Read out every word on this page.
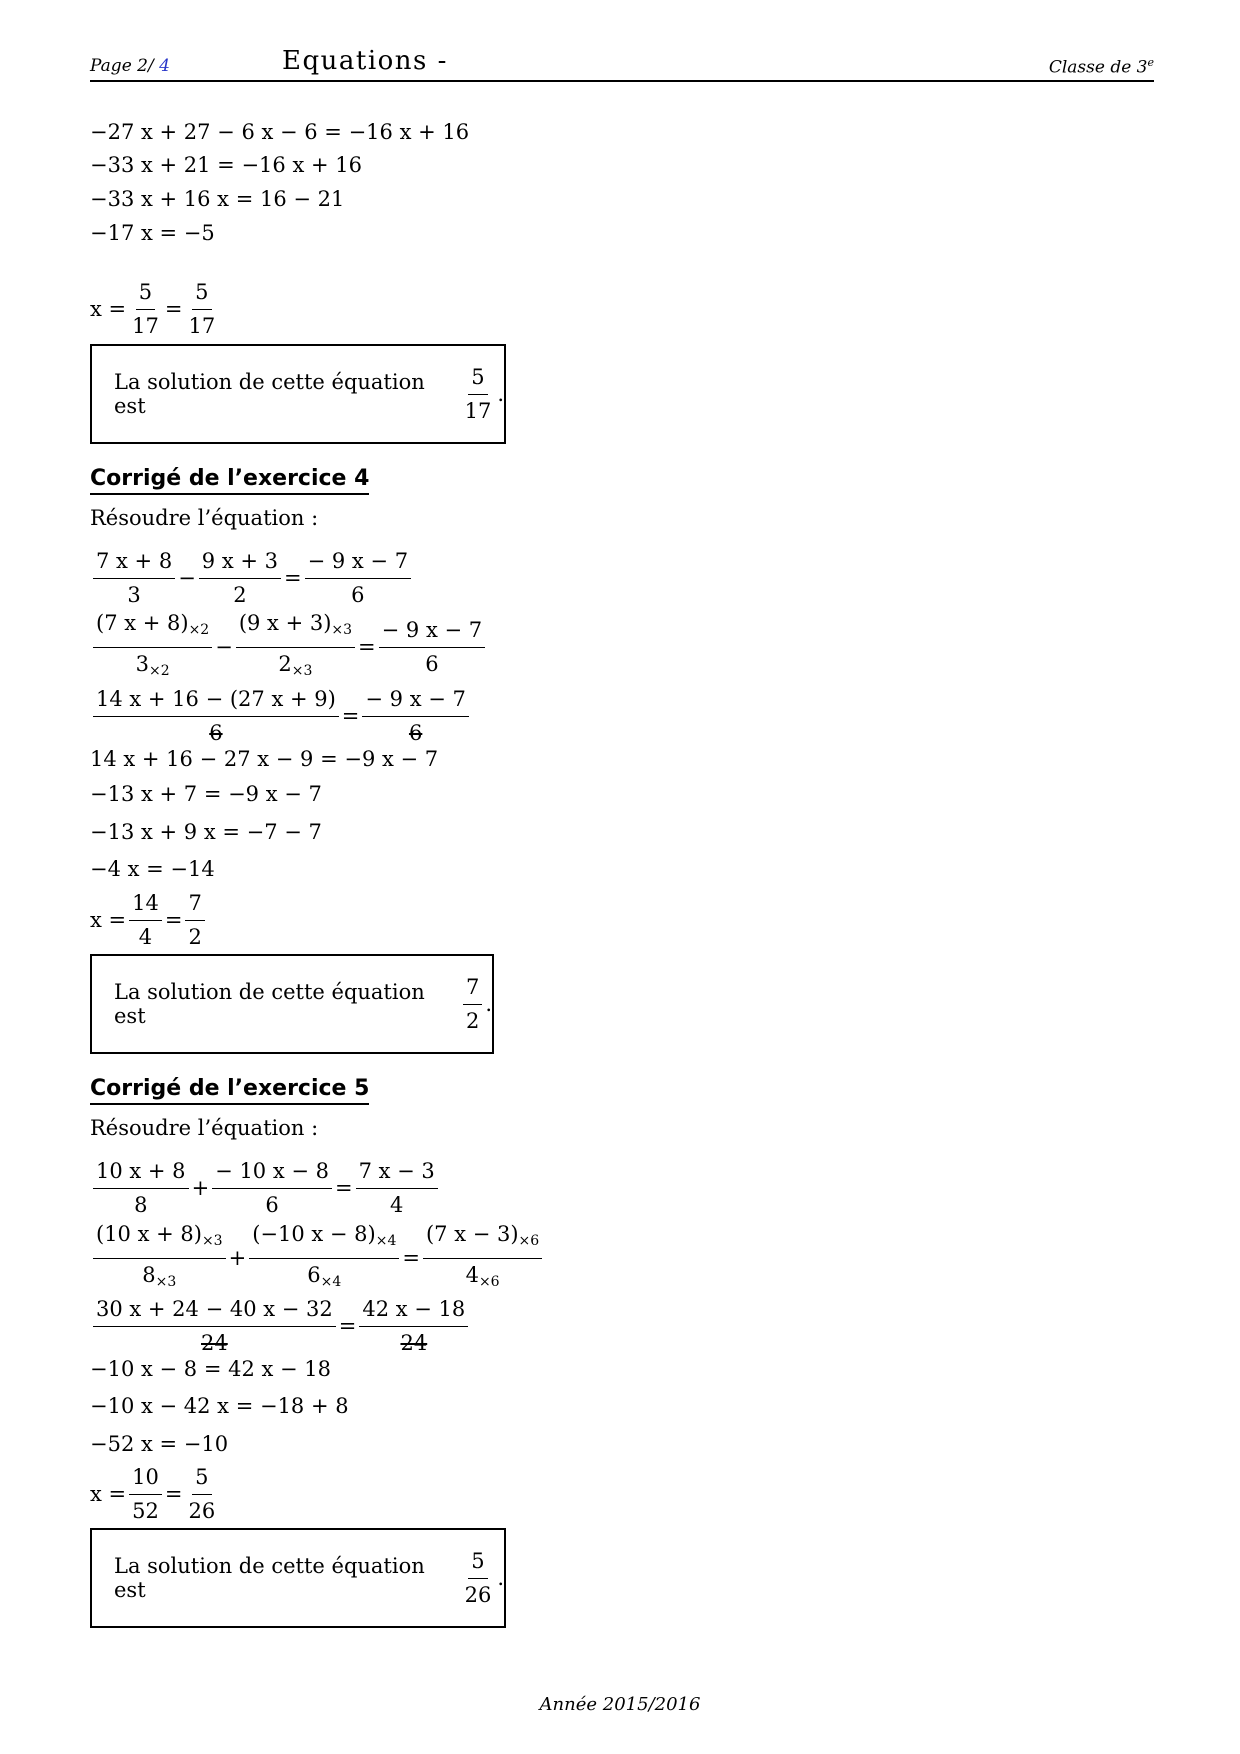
Page 2/ 4	Equations -	Classe de $3^e$
−27 x + 27 − 6 x − 6 = −16 x + 16
−33 x + 21 = −16 x + 16
−33 x + 16 x = 16 − 21
−17 x = −5
$x = \frac{5}{17} = \frac{5}{17}$
La solution de cette équation est
	$\frac{5}{17}$ .
Corrigé de l’exercice 4
Résoudre l’équation :
$\frac{7 x + 8}{3} - \frac{9 x + 3}{2} = \frac{- 9 x - 7}{6}$
$\frac{(7 x + 8)_{\times 2}}{3_{\times 2}} - \frac{(9 x + 3)_{\times 3}}{2_{\times 3}} = \frac{- 9 x - 7}{6}$
$\frac{14 x + 16 - (27 x + 9)}{6} = \frac{- 9 x - 7}{6}$
14 x + 16 − 27 x − 9 = −9 x − 7
−13 x + 7 = −9 x − 7
−13 x + 9 x = −7 − 7
−4 x = −14
$x = \frac{14}{4} = \frac{7}{2}$
La solution de cette équation est
	$\frac{7}{2}$ .
Corrigé de l’exercice 5
Résoudre l’équation :
$\frac{10 x + 8}{8} + \frac{- 10 x - 8}{6} = \frac{7 x - 3}{4}$
$\frac{(10 x + 8)_{\times 3}}{8_{\times 3}} + \frac{(-10 x - 8)_{\times 4}}{6_{\times 4}} = \frac{(7 x - 3)_{\times 6}}{4_{\times 6}}$
$\frac{30 x + 24 - 40 x - 32}{24} = \frac{42 x - 18}{24}$
−10 x − 8 = 42 x − 18
−10 x − 42 x = −18 + 8
−52 x = −10
$x = \frac{10}{52} = \frac{5}{26}$
La solution de cette équation est
	$\frac{5}{26}$ .
Année 2015/2016
